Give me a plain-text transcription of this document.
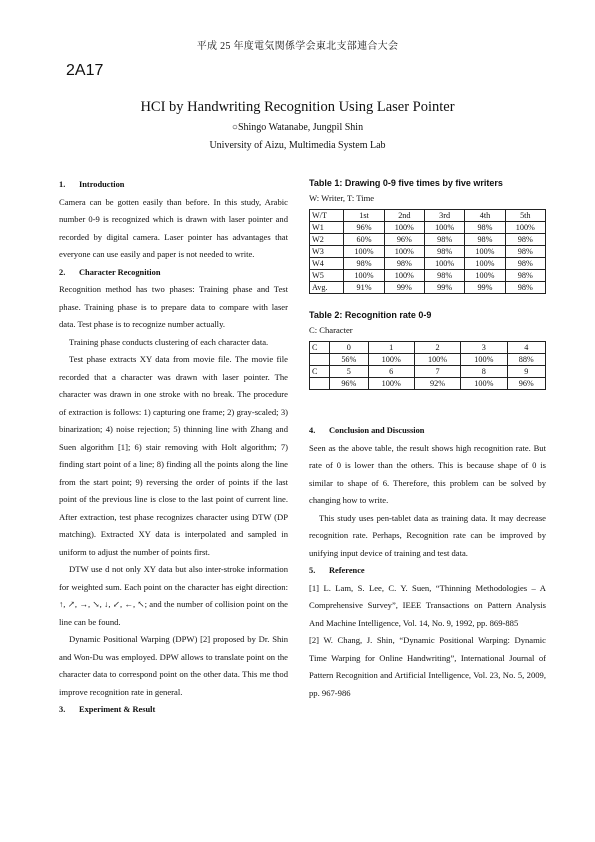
平成 25 年度電気関係学会東北支部連合大会
2A17
HCI by Handwriting Recognition Using Laser Pointer
○Shingo Watanabe, Jungpil Shin
University of Aizu, Multimedia System Lab
1. Introduction

Camera can be gotten easily than before. In this study, Arabic number 0-9 is recognized which is drawn with laser pointer and recorded by digital camera. Laser pointer has advantages that everyone can use easily and paper is not needed to write.

2. Character Recognition

Recognition method has two phases: Training phase and Test phase. Training phase is to prepare data to compare with laser data. Test phase is to recognize number actually.

Training phase conducts clustering of each character data.

Test phase extracts XY data from movie file. The movie file recorded that a character was drawn with laser pointer. The character was drawn in one stroke with no break. The procedure of extraction is follows: 1) capturing one frame; 2) gray-scaled; 3) binarization; 4) noise rejection; 5) thinning line with Zhang and Suen algorithm [1]; 6) stair removing with Holt algorithm; 7) finding start point of a line; 8) finding all the points along the line from the start point; 9) reversing the order of points if the last point of the previous line is close to the last point of current line. After extraction, test phase recognizes character using DTW (DP matching). Extracted XY data is interpolated and sampled in uniform to adjust the number of points first.

DTW use d not only XY data but also inter-stroke information for weighted sum. Each point on the character has eight direction: ↑, ↗, →, ↘, ↓, ↙, ←, ↖; and the number of collision point on the line can be found.

Dynamic Positional Warping (DPW) [2] proposed by Dr. Shin and Won-Du was employed. DPW allows to translate point on the character data to correspond point on the other data. This me thod improve recognition rate in general.

3. Experiment & Result
Table 1: Drawing 0-9 five times by five writers
W: Writer, T: Time
W/T	1st	2nd	3rd	4th	5th
W1	96%	100%	100%	98%	100%
W2	60%	96%	98%	98%	98%
W3	100%	100%	98%	100%	98%
W4	98%	98%	100%	100%	98%
W5	100%	100%	98%	100%	98%
Avg.	91%	99%	99%	99%	98%
Table 2: Recognition rate 0-9
C: Character
C	0	1	2	3	4
	56%	100%	100%	100%	88%
C	5	6	7	8	9
	96%	100%	92%	100%	96%
4. Conclusion and Discussion

Seen as the above table, the result shows high recognition rate. But rate of 0 is lower than the others. This is because shape of 0 is similar to shape of 6. Therefore, this problem can be solved by changing how to write.

This study uses pen-tablet data as training data. It may decrease recognition rate. Perhaps, Recognition rate can be improved by unifying input device of training and test data.

5. Reference

[1] L. Lam, S. Lee, C. Y. Suen, “Thinning Methodologies – A Comprehensive Survey”, IEEE Transactions on Pattern Analysis And Machine Intelligence, Vol. 14, No. 9, 1992, pp. 869-885

[2] W. Chang, J. Shin, “Dynamic Positional Warping: Dynamic Time Warping for Online Handwriting”, International Journal of Pattern Recognition and Artificial Intelligence, Vol. 23, No. 5, 2009, pp. 967-986
